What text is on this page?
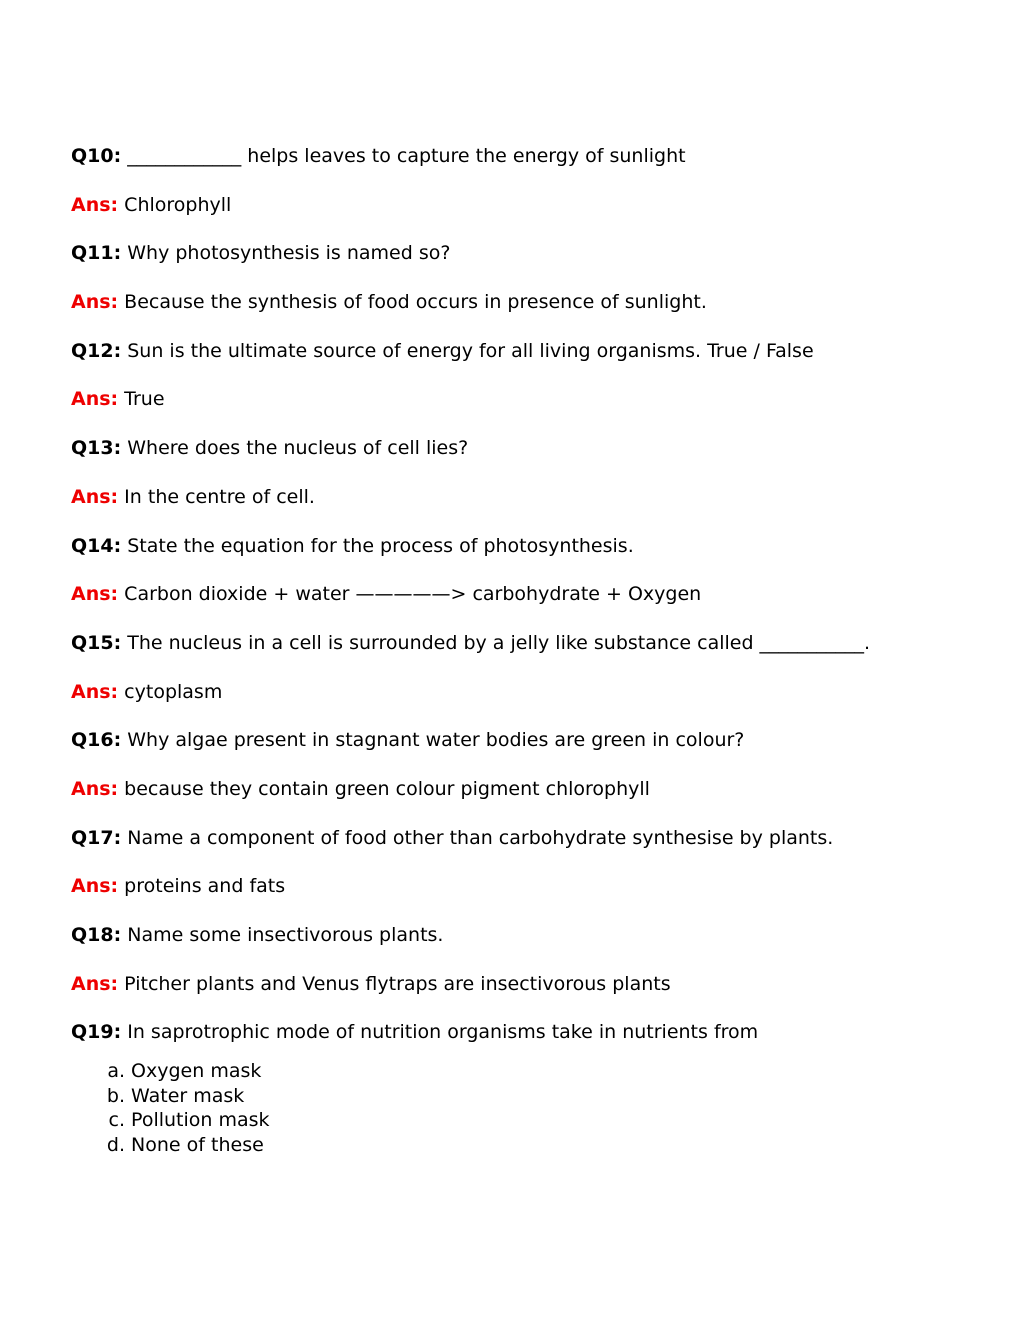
Q10: ____________ helps leaves to capture the energy of sunlight
Ans: Chlorophyll
Q11: Why photosynthesis is named so?
Ans: Because the synthesis of food occurs in presence of sunlight.
Q12: Sun is the ultimate source of energy for all living organisms. True / False
Ans: True
Q13: Where does the nucleus of cell lies?
Ans: In the centre of cell.
Q14: State the equation for the process of photosynthesis.
Ans: Carbon dioxide + water —————> carbohydrate + Oxygen
Q15: The nucleus in a cell is surrounded by a jelly like substance called ___________.
Ans: cytoplasm
Q16: Why algae present in stagnant water bodies are green in colour?
Ans: because they contain green colour pigment chlorophyll
Q17: Name a component of food other than carbohydrate synthesise by plants.
Ans: proteins and fats
Q18: Name some insectivorous plants.
Ans: Pitcher plants and Venus flytraps are insectivorous plants
Q19: In saprotrophic mode of nutrition organisms take in nutrients from
a. Oxygen mask
b. Water mask
c. Pollution mask
d. None of these
